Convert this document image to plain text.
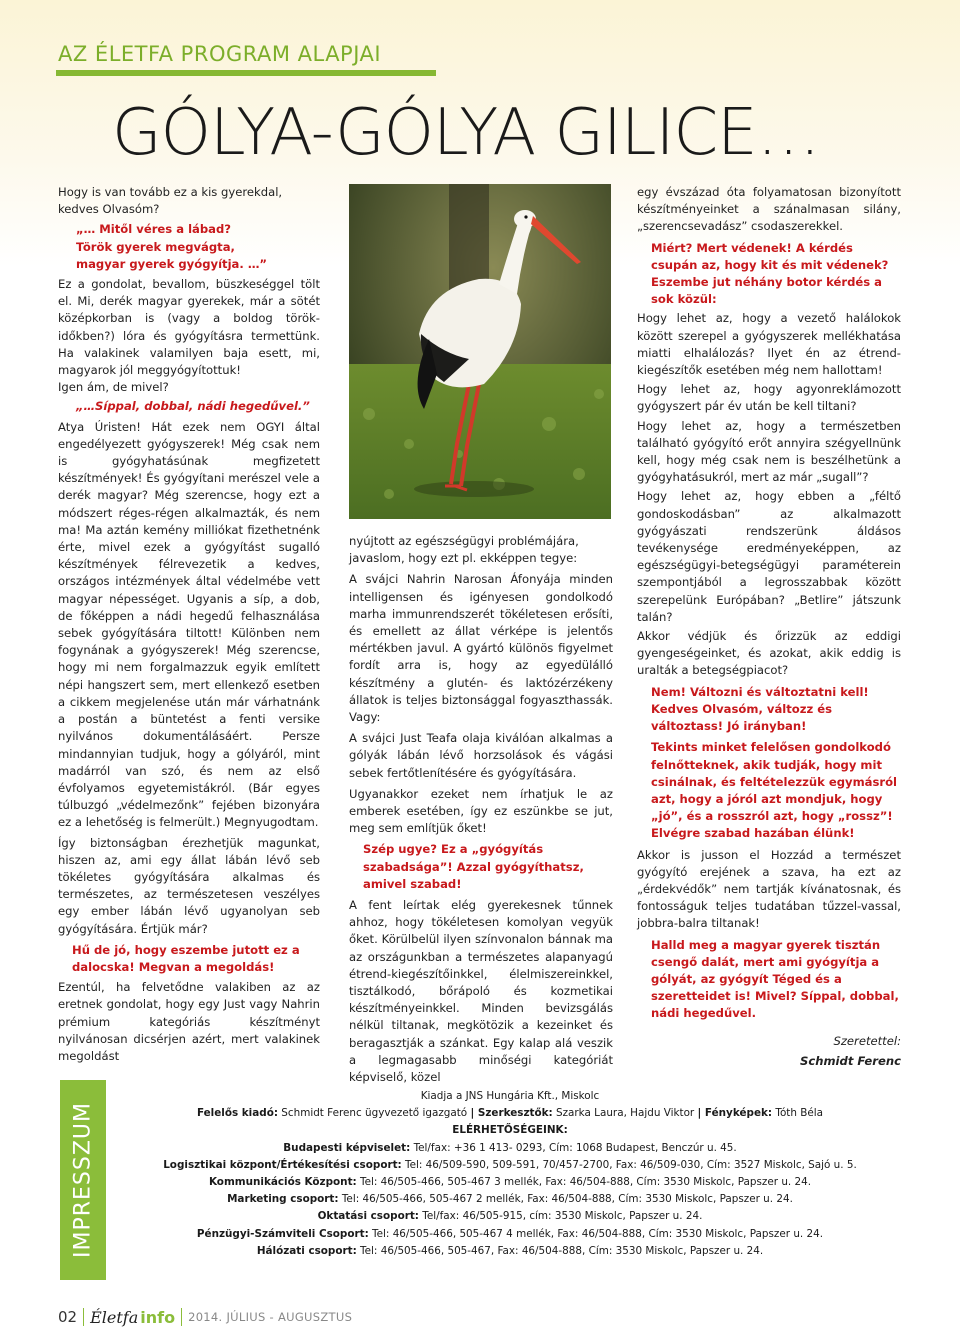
AZ ÉLETFA PROGRAM ALAPJAI
GÓLYA-GÓLYA GILICE…

Hogy is van tovább ez a kis gyerekdal, kedves Olvasóm?

„… Mitől véres a lábad?

Török gyerek megvágta,

magyar gyerek gyógyítja. …”

Ez a gondolat, bevallom, büszkeséggel tölt el. Mi, derék magyar gyerekek, már a sötét középkorban is (vagy a boldog török-időkben?) lóra és gyógyításra termettünk. Ha valakinek valamilyen baja esett, mi, magyarok jól meggyógyítottuk!

Igen ám, de mivel?

„…Síppal, dobbal, nádi hegedűvel.”

Atya Úristen! Hát ezek nem OGYI által engedélyezett gyógyszerek! Még csak nem is gyógyhatásúnak megfizetett készítmények! És gyógyítani merészel vele a derék magyar? Még szerencse, hogy ezt a módszert réges-régen alkalmazták, és nem ma! Ma aztán kemény milliókat fizethetnénk érte, mivel ezek a gyógyítást sugalló készítmények félrevezetik a kedves, országos intézmények által védelmébe vett magyar népességet. Ugyanis a síp, a dob, de főképpen a nádi hegedű felhasználása sebek gyógyítására tiltott! Különben nem fogynának a gyógyszerek! Még szerencse, hogy mi nem forgalmazzuk egyik említett népi hangszert sem, mert ellenkező esetben a cikkem megjelenése után már várhatnánk a postán a büntetést a fenti versike nyilvános dokumentálásáért. Persze mindannyian tudjuk, hogy a gólyáról, mint madárról van szó, és nem az első évfolyamos egyetemistákról. (Bár egyes túlbuzgó „védelmezőnk” fejében bizonyára ez a lehetőség is felmerült.) Megnyugodtam.

Így biztonságban érezhetjük magunkat, hiszen az, ami egy állat lábán lévő seb tökéletes gyógyítására alkalmas és természetes, az természetesen veszélyes egy ember lábán lévő ugyanolyan seb gyógyítására. Értjük már?

Hű de jó, hogy eszembe jutott ez a dalocska! Megvan a megoldás!

Ezentúl, ha felvetődne valakiben az az eretnek gondolat, hogy egy Just vagy Nahrin prémium kategóriás készítményt nyilvánosan dicsérjen azért, mert valakinek megoldást

nyújtott az egészségügyi problémájára, javaslom, hogy ezt pl. ekképpen tegye:

A svájci Nahrin Narosan Áfonyája minden intelligensen és igényesen gondolkodó marha immunrendszerét tökéletesen erősíti, és emellett az állat vérképe is jelentős mértékben javul. A gyártó különös figyelmet fordít arra is, hogy az egyedülálló készítmény a glutén- és laktózérzékeny állatok is teljes biztonsággal fogyaszthassák. Vagy:

A svájci Just Teafa olaja kiválóan alkalmas a gólyák lábán lévő horzsolások és vágási sebek fertőtlenítésére és gyógyítására.

Ugyanakkor ezeket nem írhatjuk le az emberek esetében, így ez eszünkbe se jut, meg sem említjük őket!

Szép ugye? Ez a „gyógyítás szabadsága”! Azzal gyógyíthatsz, amivel szabad!

A fent leírtak elég gyerekesnek tűnnek ahhoz, hogy tökéletesen komolyan vegyük őket. Körülbelül ilyen színvonalon bánnak ma az országunkban a természetes alapanyagú étrend-kiegészítőinkkel, élelmiszereinkkel, tisztálkodó, bőrápoló és kozmetikai készítményeinkkel. Minden bevizsgálás nélkül tiltanak, megkötözik a kezeinket és beragasztják a szánkat. Egy kalap alá veszik a legmagasabb minőségi kategóriát képviselő, közel

egy évszázad óta folyamatosan bizonyított készítményeinket a szánalmasan silány, „szerencsevadász” csodaszerekkel.

Miért? Mert védenek! A kérdés csupán az, hogy kit és mit védenek? Eszembe jut néhány botor kérdés a sok közül:

Hogy lehet az, hogy a vezető halálokok között szerepel a gyógyszerek mellékhatása miatti elhalálozás? Ilyet én az étrend-kiegészítők esetében még nem hallottam!

Hogy lehet az, hogy agyonreklámozott gyógyszert pár év után be kell tiltani?

Hogy lehet az, hogy a természetben található gyógyító erőt annyira szégyellnünk kell, hogy még csak nem is beszélhetünk a gyógyhatásukról, mert az már „sugall”?

Hogy lehet az, hogy ebben a „féltő gondoskodásban” az alkalmazott gyógyászati rendszerünk áldásos tevékenysége eredményeképpen, az egészségügyi-betegségügyi paraméterein szempontjából a legrosszabbak között szerepelünk Európában? „Betlire” játszunk talán?

Akkor védjük és őrizzük az eddigi gyengeségeinket, és azokat, akik eddig is uralták a betegségpiacot?

Nem! Változni és változtatni kell! Kedves Olvasóm, változz és változtass! Jó irányban!

Tekints minket felelősen gondolkodó felnőtteknek, akik tudják, hogy mit csinálnak, és feltételezzük egymásról azt, hogy a jóról azt mondjuk, hogy „jó”, és a rosszról azt, hogy „rossz”! Elvégre szabad hazában élünk!

Akkor is jusson el Hozzád a természet gyógyító erejének a szava, ha ezt az „érdekvédők” nem tartják kívánatosnak, és fontosságuk teljes tudatában tűzzel-vassal, jobbra-balra tiltanak!

Halld meg a magyar gyerek tisztán csengő dalát, mert ami gyógyítja a gólyát, az gyógyít Téged és a szeretteidet is! Mivel? Síppal, dobbal, nádi hegedűvel.

Szeretettel:

Schmidt Ferenc

IMPRESSZUM
Kiadja a JNS Hungária Kft., Miskolc
Felelős kiadó: Schmidt Ferenc ügyvezető igazgató | Szerkesztők: Szarka Laura, Hajdu Viktor | Fényképek: Tóth Béla
ELÉRHETŐSÉGEINK:
Budapesti képviselet: Tel/fax: +36 1 413- 0293, Cím: 1068 Budapest, Benczúr u. 45.
Logisztikai központ/Értékesítési csoport: Tel: 46/509-590, 509-591, 70/457-2700, Fax: 46/509-030, Cím: 3527 Miskolc, Sajó u. 5.
Kommunikációs Központ: Tel: 46/505-466, 505-467 3 mellék, Fax: 46/504-888, Cím: 3530 Miskolc, Papszer u. 24.
Marketing csoport: Tel: 46/505-466, 505-467 2 mellék, Fax: 46/504-888, Cím: 3530 Miskolc, Papszer u. 24.
Oktatási csoport: Tel/fax: 46/505-915, cím: 3530 Miskolc, Papszer u. 24.
Pénzügyi-Számviteli Csoport: Tel: 46/505-466, 505-467 4 mellék, Fax: 46/504-888, Cím: 3530 Miskolc, Papszer u. 24.
Hálózati csoport: Tel: 46/505-466, 505-467, Fax: 46/504-888, Cím: 3530 Miskolc, Papszer u. 24.
02 Életfa info 2014. JÚLIUS - AUGUSZTUS
